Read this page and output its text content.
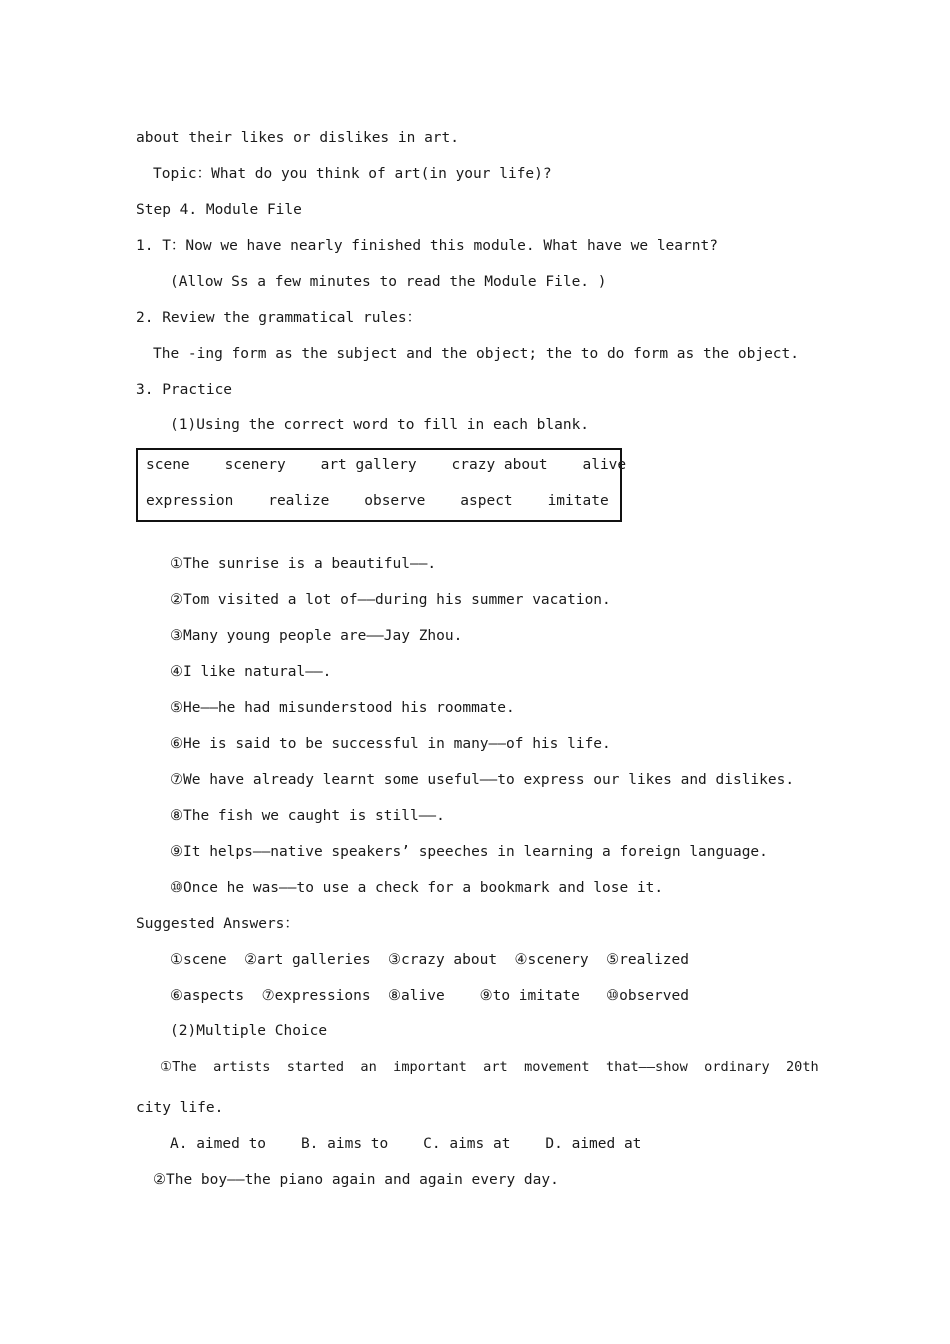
about their likes or dislikes in art.
Topic：What do you think of art(in your life)?
Step 4. Module File
1. T：Now we have nearly finished this module. What have we learnt?
(Allow Ss a few minutes to read the Module File. )
2. Review the grammatical rules：
The -ing form as the subject and the object; the to do form as the object.
3. Practice
(1)Using the correct word to fill in each blank.
scene    scenery    art gallery    crazy about    alive
expression    realize    observe    aspect    imitate
①The sunrise is a beautiful——.
②Tom visited a lot of——during his summer vacation.
③Many young people are——Jay Zhou.
④I like natural——.
⑤He——he had misunderstood his roommate.
⑥He is said to be successful in many——of his life.
⑦We have already learnt some useful——to express our likes and dislikes.
⑧The fish we caught is still——.
⑨It helps——native speakers’ speeches in learning a foreign language.
⑩Once he was——to use a check for a bookmark and lose it.
Suggested Answers：
①scene  ②art galleries  ③crazy about  ④scenery  ⑤realized
⑥aspects  ⑦expressions  ⑧alive    ⑨to imitate   ⑩observed
(2)Multiple Choice
①The  artists  started  an  important  art  movement  that——show  ordinary  20th
city life.
A. aimed to    B. aims to    C. aims at    D. aimed at
②The boy——the piano again and again every day.
